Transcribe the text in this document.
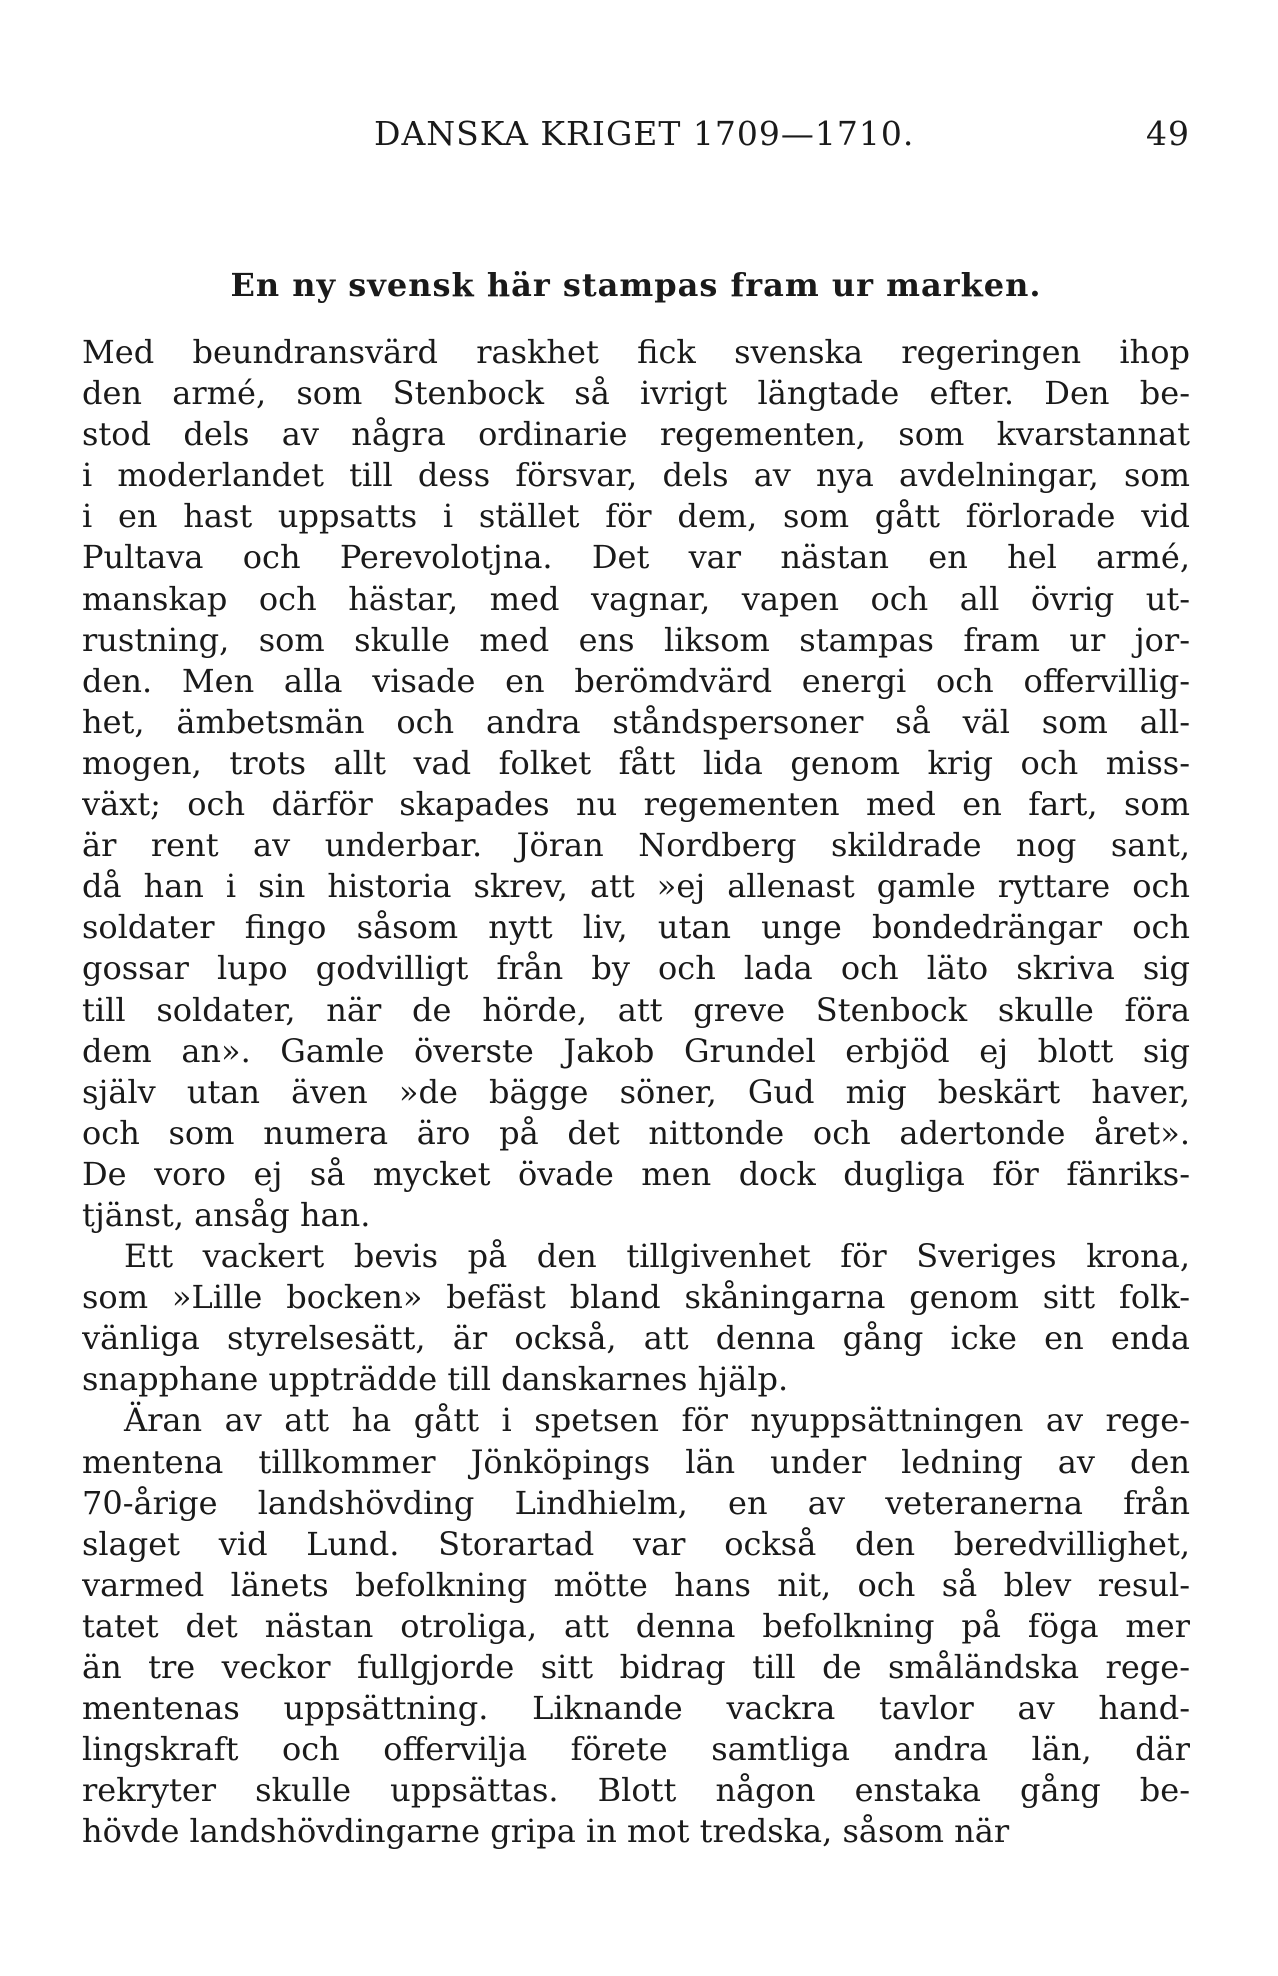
DANSKA KRIGET 1709—1710.	49
En ny svensk här stampas fram ur marken.
Med beundransvärd raskhet fick svenska regeringen ihop
den armé, som Stenbock så ivrigt längtade efter. Den be-
stod dels av några ordinarie regementen, som kvarstannat
i moderlandet till dess försvar, dels av nya avdelningar, som
i en hast uppsatts i stället för dem, som gått förlorade vid
Pultava och Perevolotjna. Det var nästan en hel armé,
manskap och hästar, med vagnar, vapen och all övrig ut-
rustning, som skulle med ens liksom stampas fram ur jor-
den. Men alla visade en berömdvärd energi och offervillig-
het, ämbetsmän och andra ståndspersoner så väl som all-
mogen, trots allt vad folket fått lida genom krig och miss-
växt; och därför skapades nu regementen med en fart, som
är rent av underbar. Jöran Nordberg skildrade nog sant,
då han i sin historia skrev, att »ej allenast gamle ryttare och
soldater fingo såsom nytt liv, utan unge bondedrängar och
gossar lupo godvilligt från by och lada och läto skriva sig
till soldater, när de hörde, att greve Stenbock skulle föra
dem an». Gamle överste Jakob Grundel erbjöd ej blott sig
själv utan även »de bägge söner, Gud mig beskärt haver,
och som numera äro på det nittonde och adertonde året».
De voro ej så mycket övade men dock dugliga för fänriks-
tjänst, ansåg han.
Ett vackert bevis på den tillgivenhet för Sveriges krona,
som »Lille bocken» befäst bland skåningarna genom sitt folk-
vänliga styrelsesätt, är också, att denna gång icke en enda
snapphane uppträdde till danskarnes hjälp.
Äran av att ha gått i spetsen för nyuppsättningen av rege-
mentena tillkommer Jönköpings län under ledning av den
70-årige landshövding Lindhielm, en av veteranerna från
slaget vid Lund. Storartad var också den beredvillighet,
varmed länets befolkning mötte hans nit, och så blev resul-
tatet det nästan otroliga, att denna befolkning på föga mer
än tre veckor fullgjorde sitt bidrag till de småländska rege-
mentenas uppsättning. Liknande vackra tavlor av hand-
lingskraft och offervilja förete samtliga andra län, där
rekryter skulle uppsättas. Blott någon enstaka gång be-
hövde landshövdingarne gripa in mot tredska, såsom när
